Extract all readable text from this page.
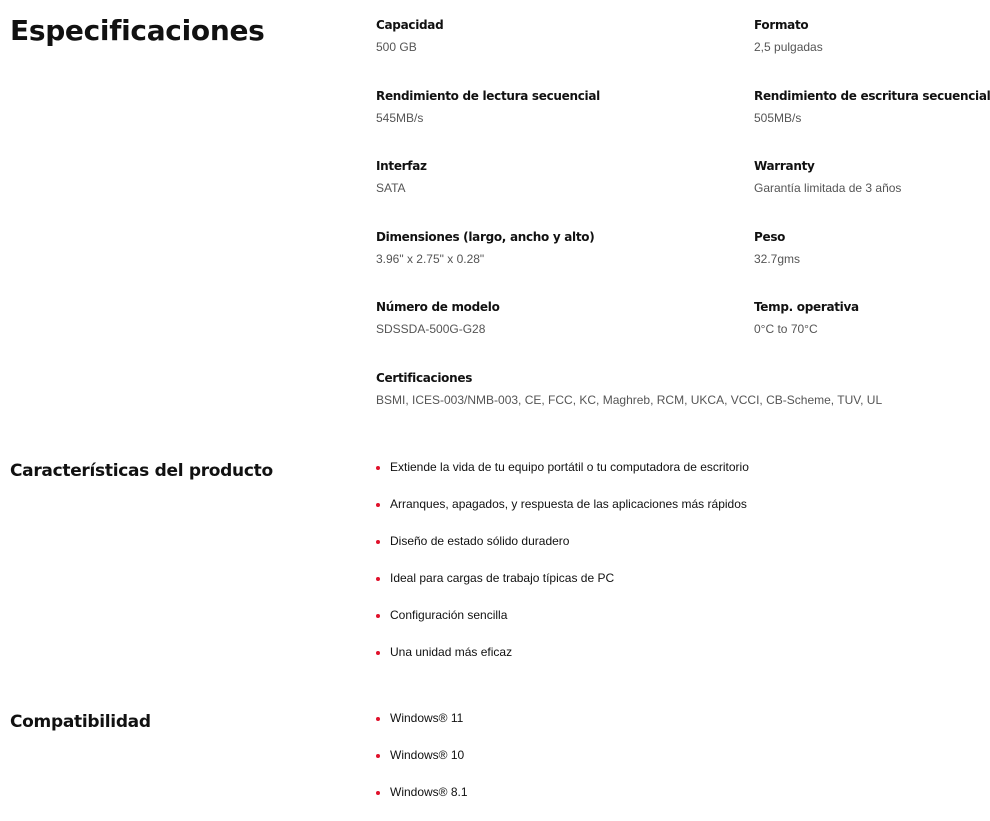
Especificaciones	Capacidad
500 GB
Formato
2,5 pulgadas
Rendimiento de lectura secuencial
545MB/s
Rendimiento de escritura secuencial
505MB/s
Interfaz
SATA
Warranty
Garantía limitada de 3 años
Dimensiones (largo, ancho y alto)
3.96" x 2.75" x 0.28"
Peso
32.7gms
Número de modelo
SDSSDA-500G-G28
Temp. operativa
0°C to 70°C
Certificaciones
BSMI, ICES-003/NMB-003, CE, FCC, KC, Maghreb, RCM, UKCA, VCCI, CB-Scheme, TUV, UL
Características del producto	Extiende la vida de tu equipo portátil o tu computadora de escritorio
Arranques, apagados, y respuesta de las aplicaciones más rápidos
Diseño de estado sólido duradero
Ideal para cargas de trabajo típicas de PC
Configuración sencilla
Una unidad más eficaz
Compatibilidad	Windows® 11
Windows® 10
Windows® 8.1
